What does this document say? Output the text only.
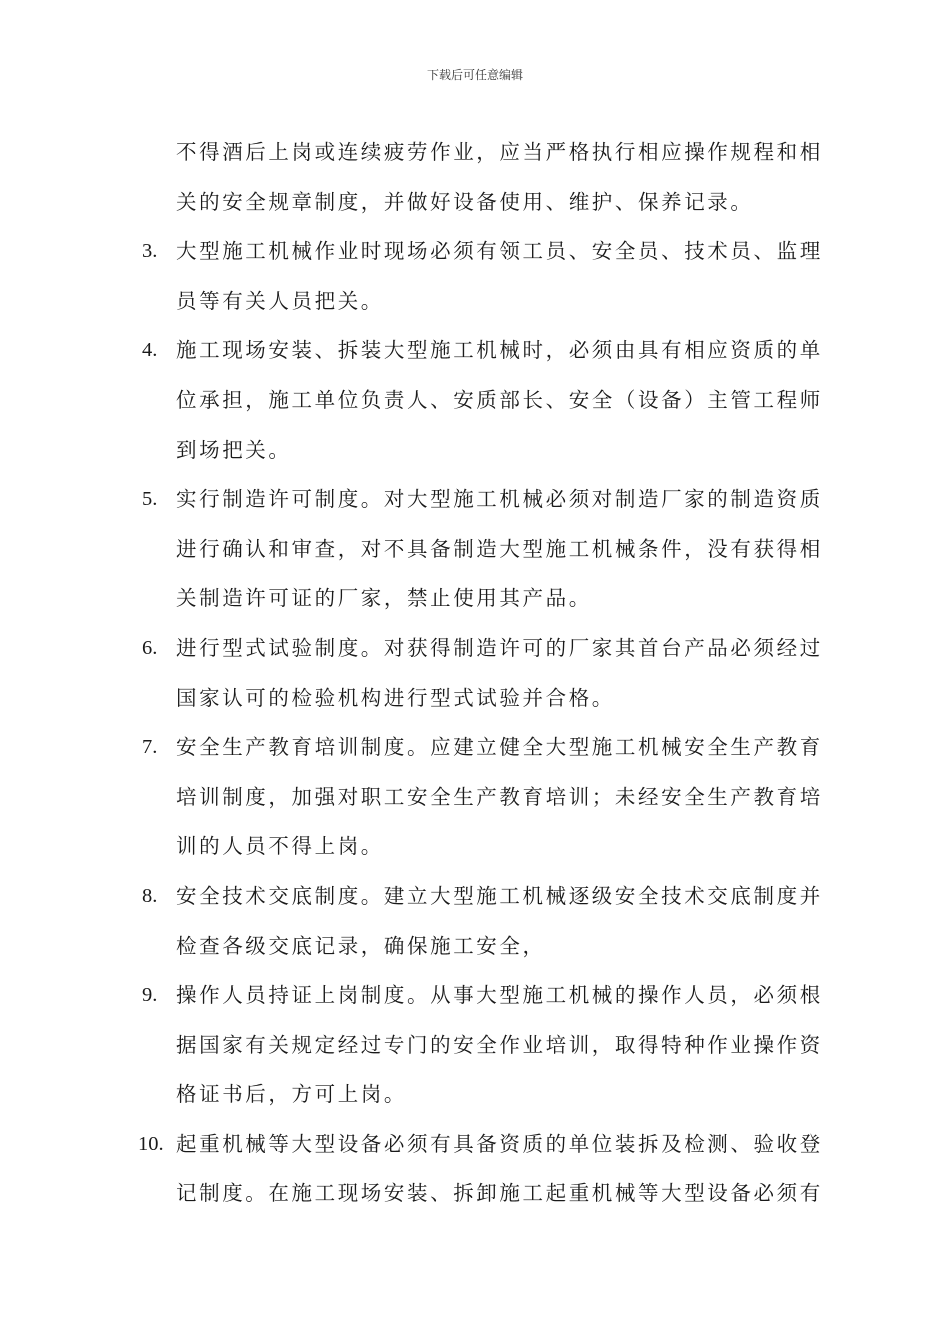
下载后可任意编辑
不得酒后上岗或连续疲劳作业，应当严格执行相应操作规程和相
关的安全规章制度，并做好设备使用、维护、保养记录。
3. 大型施工机械作业时现场必须有领工员、安全员、技术员、监理
员等有关人员把关。
4. 施工现场安装、拆装大型施工机械时，必须由具有相应资质的单
位承担，施工单位负责人、安质部长、安全（设备）主管工程师
到场把关。
5. 实行制造许可制度。对大型施工机械必须对制造厂家的制造资质
进行确认和审查，对不具备制造大型施工机械条件，没有获得相
关制造许可证的厂家，禁止使用其产品。
6. 进行型式试验制度。对获得制造许可的厂家其首台产品必须经过
国家认可的检验机构进行型式试验并合格。
7. 安全生产教育培训制度。应建立健全大型施工机械安全生产教育
培训制度，加强对职工安全生产教育培训；未经安全生产教育培
训的人员不得上岗。
8. 安全技术交底制度。建立大型施工机械逐级安全技术交底制度并
检查各级交底记录，确保施工安全，
9. 操作人员持证上岗制度。从事大型施工机械的操作人员，必须根
据国家有关规定经过专门的安全作业培训，取得特种作业操作资
格证书后，方可上岗。
10. 起重机械等大型设备必须有具备资质的单位装拆及检测、验收登
记制度。在施工现场安装、拆卸施工起重机械等大型设备必须有
